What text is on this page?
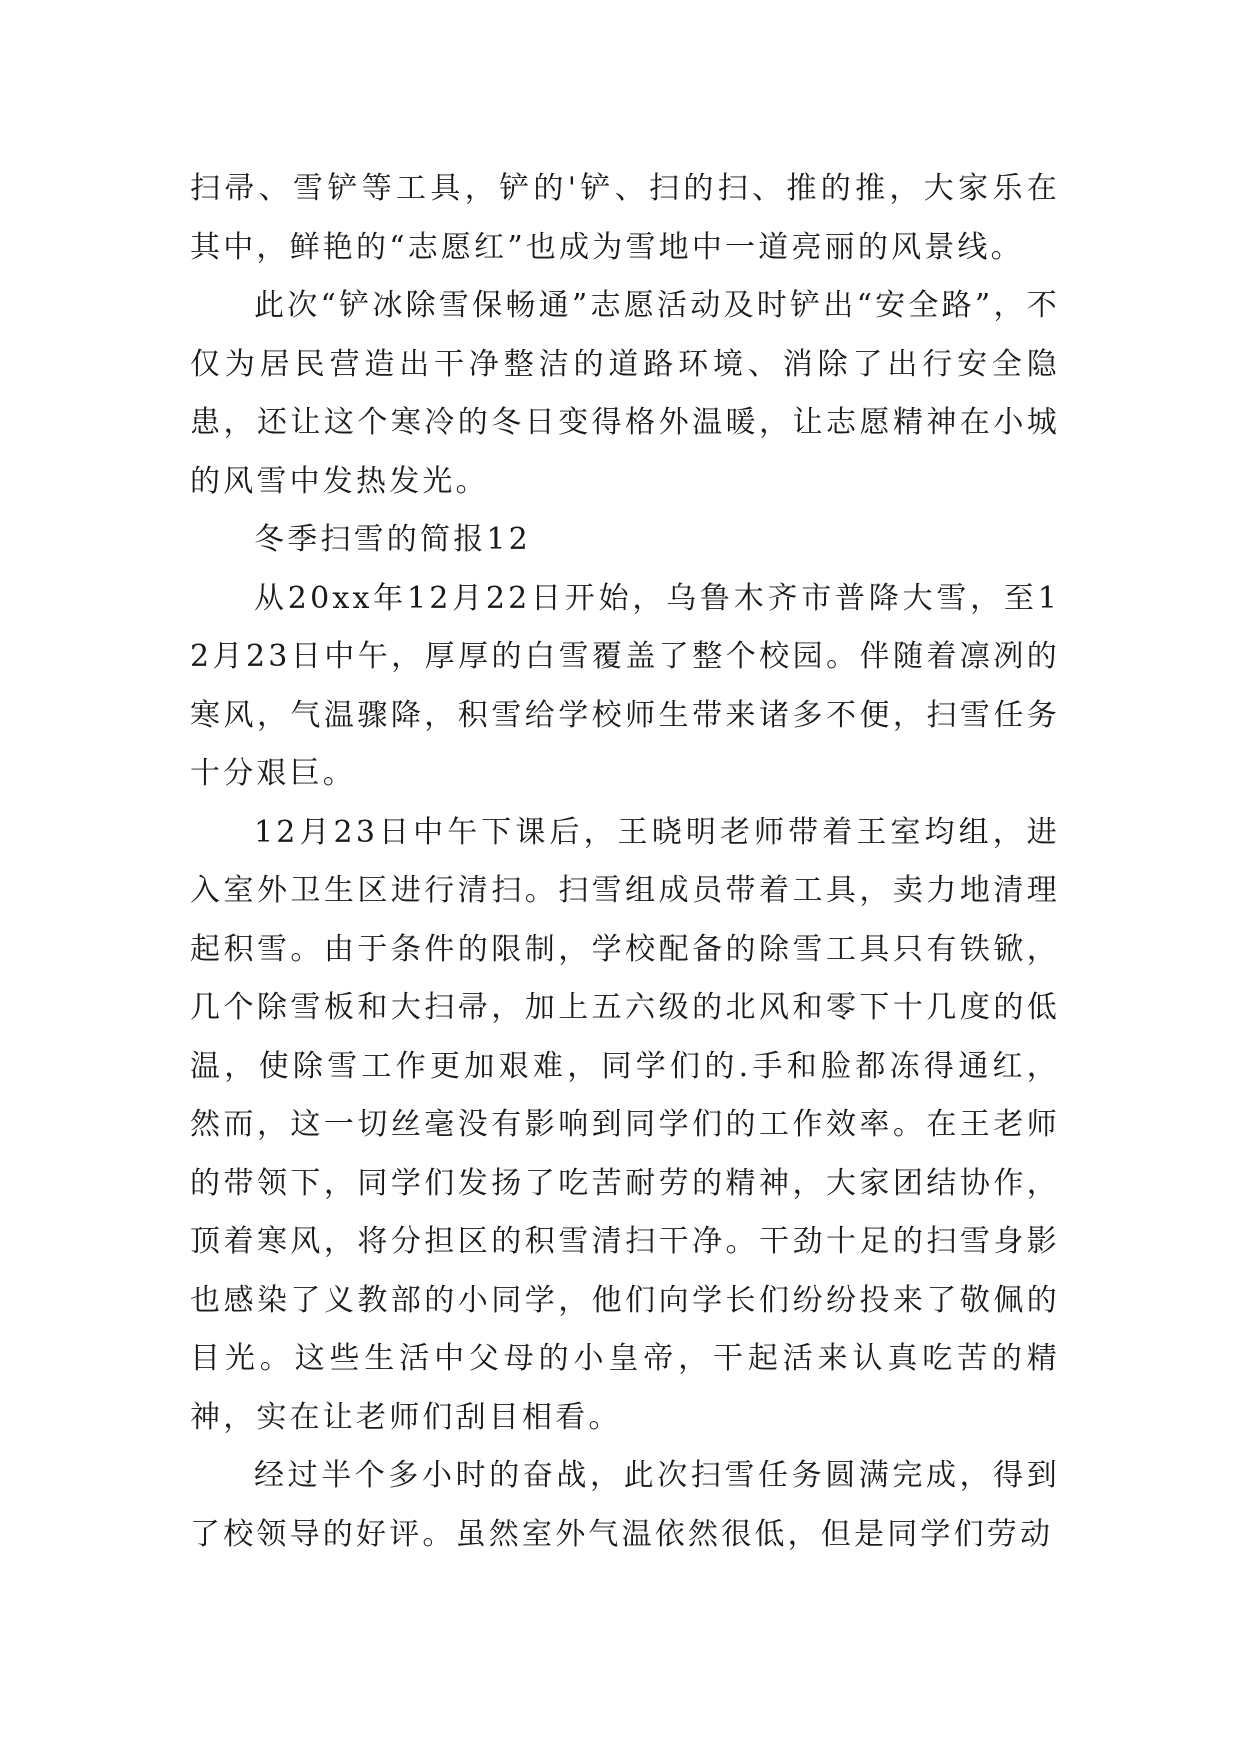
扫帚、雪铲等工具，铲的'铲、扫的扫、推的推，大家乐在其中，鲜艳的“志愿红”也成为雪地中一道亮丽的风景线。

此次“铲冰除雪保畅通”志愿活动及时铲出“安全路”，不仅为居民营造出干净整洁的道路环境、消除了出行安全隐患，还让这个寒冷的冬日变得格外温暖，让志愿精神在小城的风雪中发热发光。

冬季扫雪的简报12

从20xx年12月22日开始，乌鲁木齐市普降大雪，至12月23日中午，厚厚的白雪覆盖了整个校园。伴随着凛冽的寒风，气温骤降，积雪给学校师生带来诸多不便，扫雪任务十分艰巨。

12月23日中午下课后，王晓明老师带着王室均组，进入室外卫生区进行清扫。扫雪组成员带着工具，卖力地清理起积雪。由于条件的限制，学校配备的除雪工具只有铁锨，几个除雪板和大扫帚，加上五六级的北风和零下十几度的低温，使除雪工作更加艰难，同学们的.手和脸都冻得通红，然而，这一切丝毫没有影响到同学们的工作效率。在王老师的带领下，同学们发扬了吃苦耐劳的精神，大家团结协作，顶着寒风，将分担区的积雪清扫干净。干劲十足的扫雪身影也感染了义教部的小同学，他们向学长们纷纷投来了敬佩的目光。这些生活中父母的小皇帝，干起活来认真吃苦的精神，实在让老师们刮目相看。

经过半个多小时的奋战，此次扫雪任务圆满完成，得到了校领导的好评。虽然室外气温依然很低，但是同学们劳动
